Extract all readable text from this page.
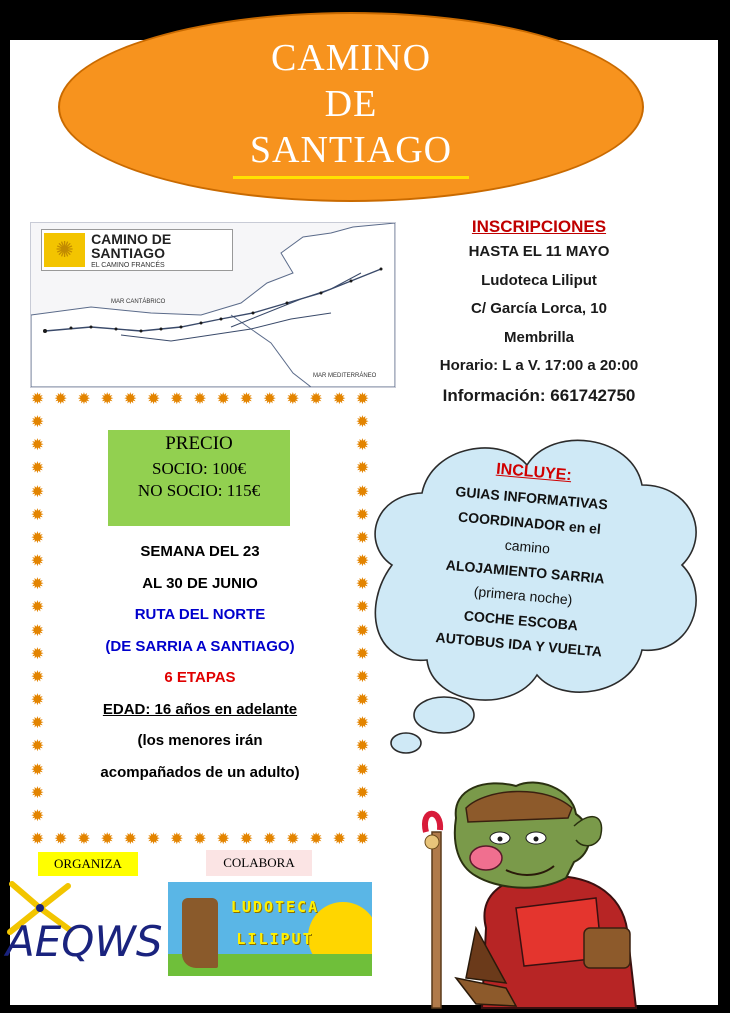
CAMINO
DE
SANTIAGO
✺	CAMINO DE SANTIAGO
EL CAMINO FRANCÉS
MAR CANTÁBRICO
MAR MEDITERRÁNEO
INSCRIPCIONES
HASTA EL 11 MAYO
Ludoteca Liliput
C/ García Lorca, 10
Membrilla
Horario: L a V. 17:00 a 20:00
Información: 661742750
PRECIO
SOCIO: 100€
NO SOCIO: 115€
SEMANA DEL 23
AL 30 DE JUNIO
RUTA DEL NORTE
(DE SARRIA A SANTIAGO)
6 ETAPAS
EDAD: 16 años en adelante
(los menores irán
acompañados de un adulto)
✹
✹
✹
✹
✹
✹
✹
✹
✹
✹
✹
✹
✹
✹
✹
✹
✹
✹
✹
✹
✹
✹
✹
✹
✹
✹
✹
✹
✹
✹
✹	✹
✹	✹
✹	✹
✹	✹
✹	✹
✹	✹
✹	✹
✹	✹
✹	✹
✹	✹
✹	✹
✹	✹
✹	✹
✹	✹
✹	✹
✹	✹
✹	✹
✹	✹
INCLUYE:
GUIAS INFORMATIVAS
COORDINADOR en el
camino
ALOJAMIENTO SARRIA
(primera noche)
COCHE ESCOBA
AUTOBUS IDA Y VUELTA
ORGANIZA	COLABORA
AEQWS
LUDOTECA
LILIPUT
